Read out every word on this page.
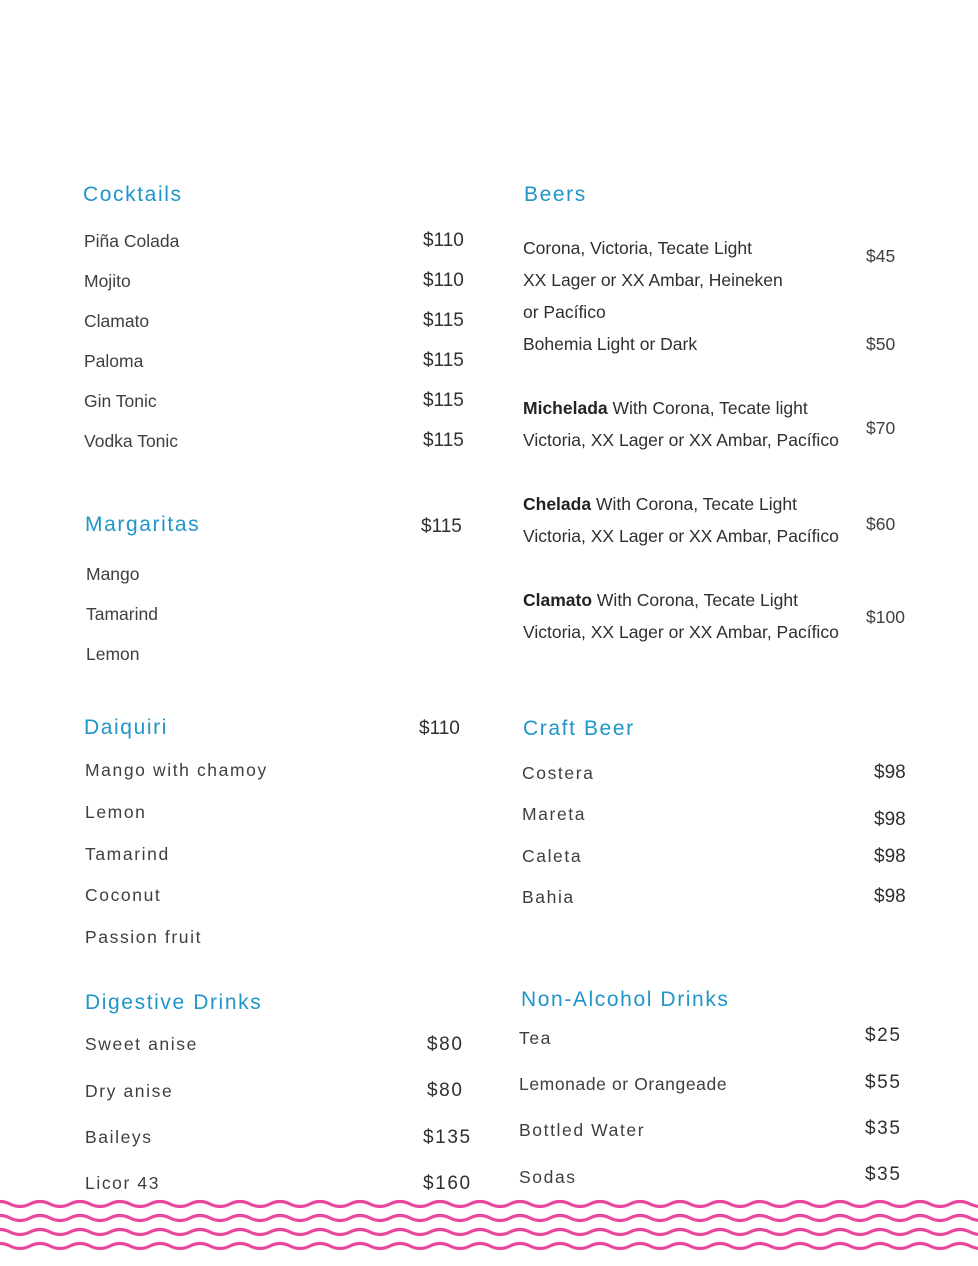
Cocktails
Piña Colada	$110
Mojito	$110
Clamato	$115
Paloma	$115
Gin Tonic	$115
Vodka Tonic	$115
Margaritas	$115
Mango
Tamarind
Lemon
Daiquiri	$110
Mango with chamoy
Lemon
Tamarind
Coconut
Passion fruit
Digestive Drinks
Sweet anise	$80
Dry anise	$80
Baileys	$135
Licor 43	$160
Beers
Corona, Victoria, Tecate Light
XX Lager or XX Ambar, Heineken
or Pacífico
$45
Bohemia Light or Dark	$50
Michelada With Corona, Tecate light
Victoria, XX Lager or XX Ambar, Pacífico
$70
Chelada With Corona, Tecate Light
Victoria, XX Lager or XX Ambar, Pacífico
$60
Clamato With Corona, Tecate Light
Victoria, XX Lager or XX Ambar, Pacífico
$100
Craft Beer
Costera	$98
Mareta	$98
Caleta	$98
Bahia	$98
Non-Alcohol Drinks
Tea	$25
Lemonade or Orangeade	$55
Bottled Water	$35
Sodas	$35
